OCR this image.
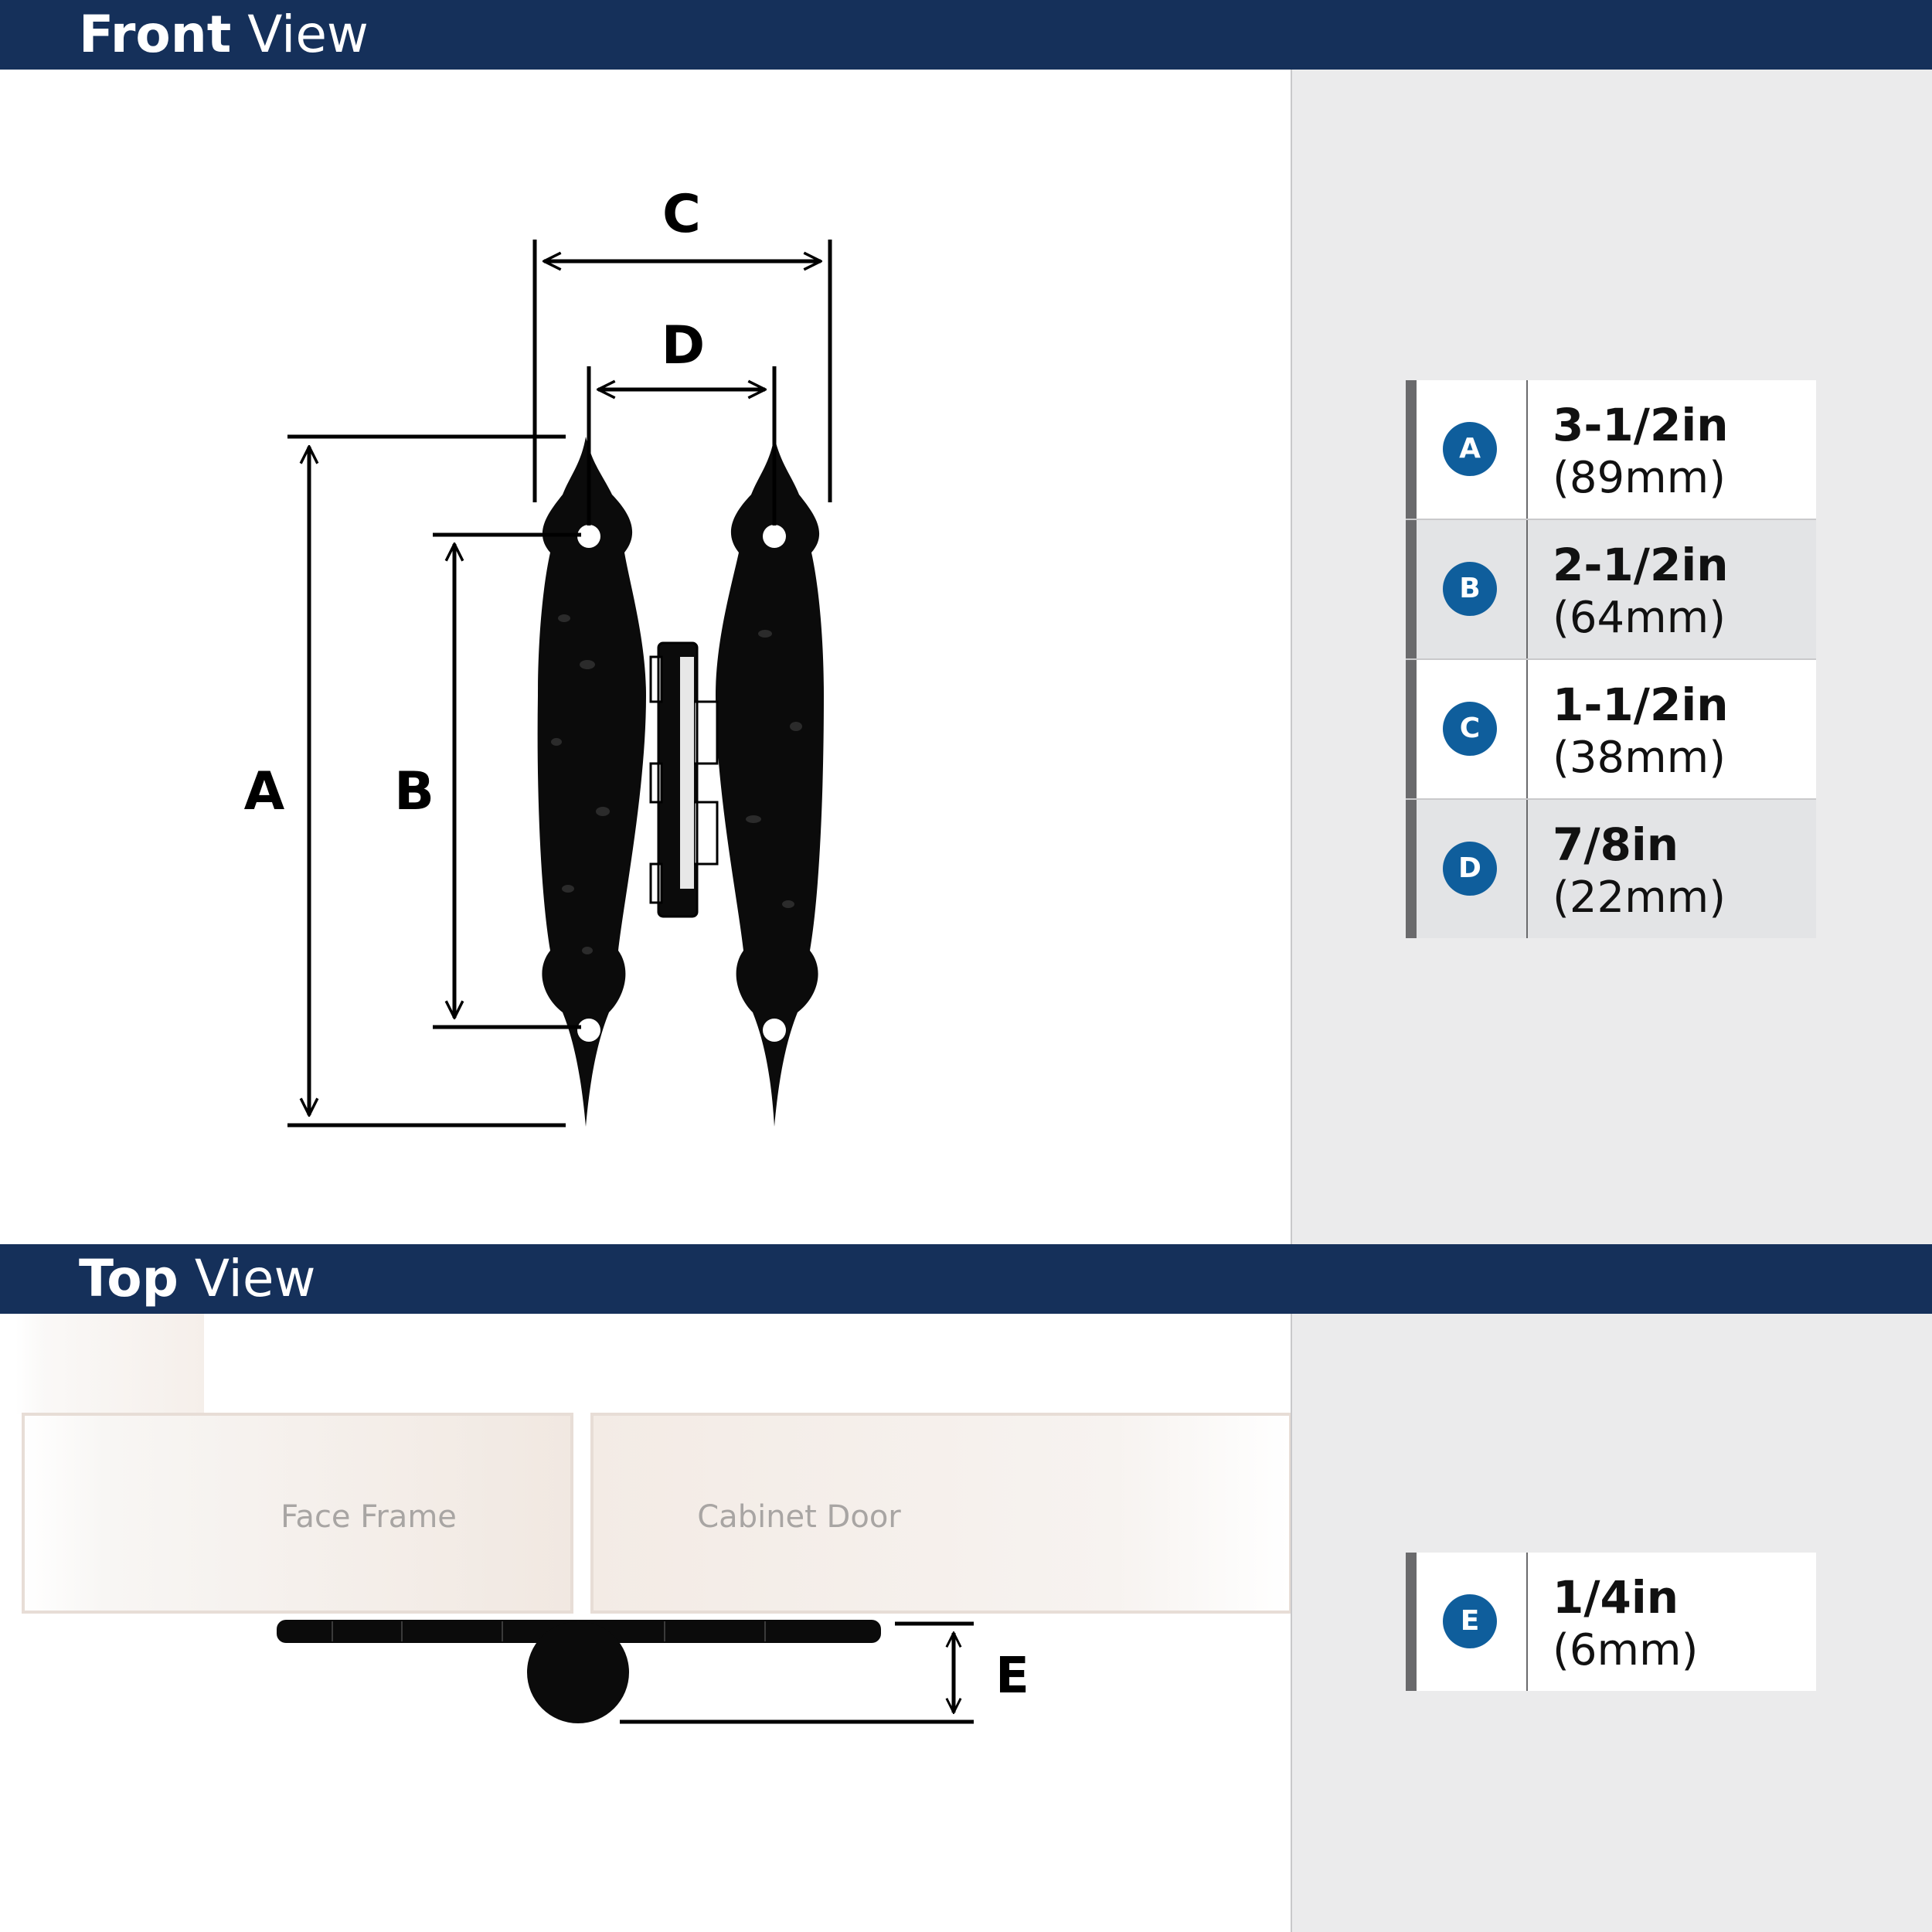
Front View
Top View
A B
C
D
Face Frame	Cabinet Door
E
A	3-1/2in
(89mm)
B	2-1/2in
(64mm)
C	1-1/2in
(38mm)
D	7/8in
(22mm)
E	1/4in
(6mm)
